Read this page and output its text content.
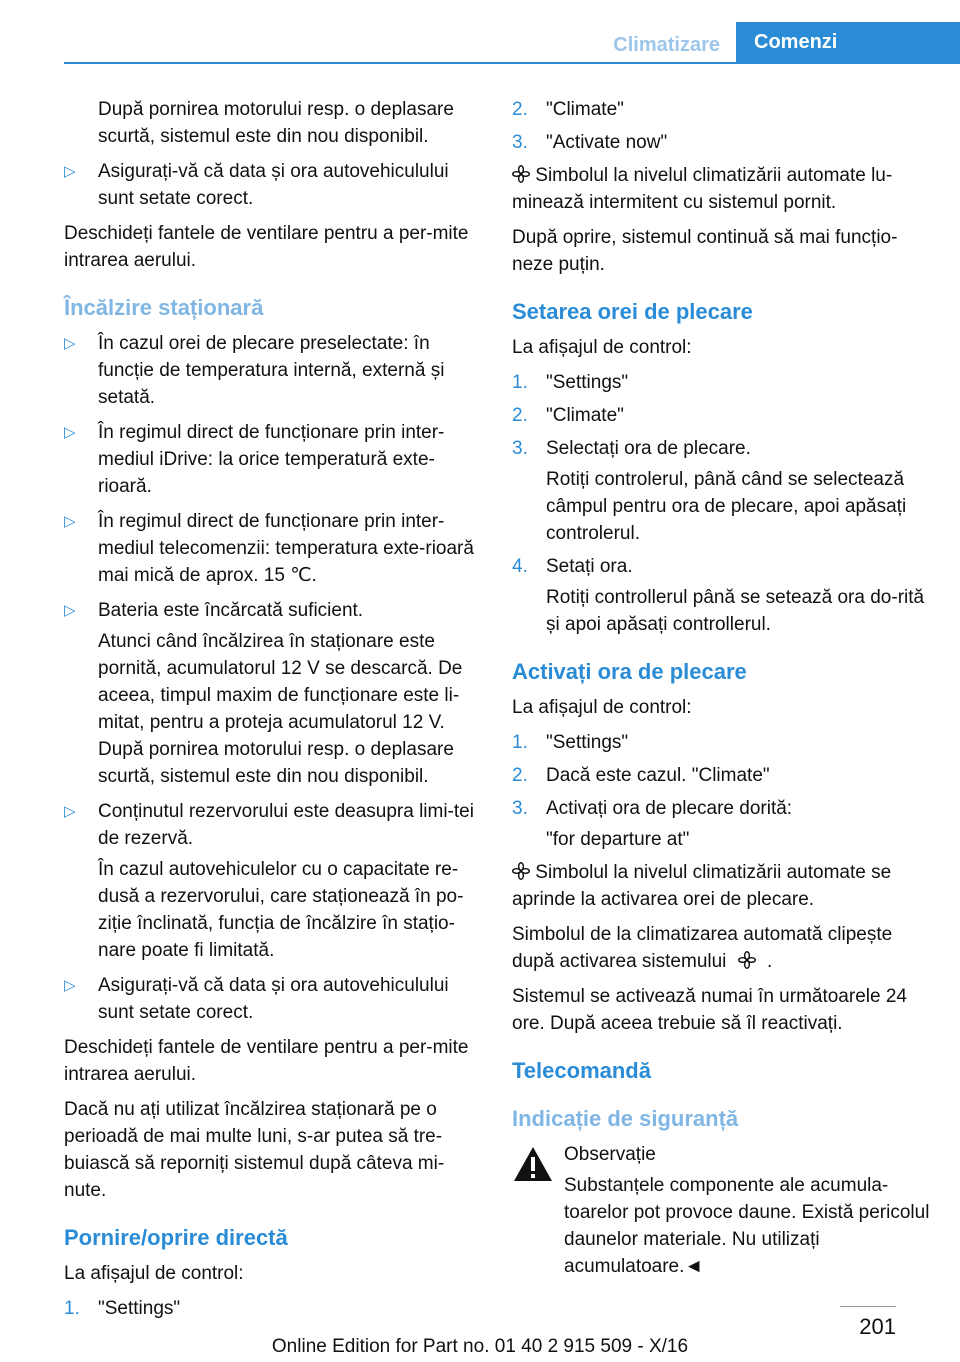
Climatizare	Comenzi

După pornirea motorului resp. o deplasare scurtă, sistemul este din nou disponibil.

▷ Asigurați-vă că data și ora autovehiculului sunt setate corect.

Deschideți fantele de ventilare pentru a per-mite intrarea aerului.

Încălzire staționară
▷ În cazul orei de plecare preselectate: în funcție de temperatura internă, externă și setată.
▷ În regimul direct de funcționare prin inter-mediul iDrive: la orice temperatură exte-rioară.
▷ În regimul direct de funcționare prin inter-mediul telecomenzii: temperatura exte-rioară mai mică de aprox. 15 ℃.
▷ Bateria este încărcată suficient.
Atunci când încălzirea în staționare este pornită, acumulatorul 12 V se descarcă. De aceea, timpul maxim de funcționare este li-mitat, pentru a proteja acumulatorul 12 V. După pornirea motorului resp. o deplasare scurtă, sistemul este din nou disponibil.
▷ Conținutul rezervorului este deasupra limi-tei de rezervă.
În cazul autovehiculelor cu o capacitate re-dusă a rezervorului, care staționează în po-ziție înclinată, funcția de încălzire în stațio-nare poate fi limitată.
▷ Asigurați-vă că data și ora autovehiculului sunt setate corect.

Deschideți fantele de ventilare pentru a per-mite intrarea aerului.

Dacă nu ați utilizat încălzirea staționară pe o perioadă de mai multe luni, s-ar putea să tre-buiască să reporniți sistemul după câteva mi-nute.

Pornire/oprire directă

La afișajul de control:

1. "Settings"
2. "Climate"
3. "Activate now"

Simbolul la nivelul climatizării automate lu-minează intermitent cu sistemul pornit.

După oprire, sistemul continuă să mai funcțio-neze puțin.

Setarea orei de plecare

La afișajul de control:

1. "Settings"
2. "Climate"
3. Selectați ora de plecare.
Rotiți controlerul, până când se selectează câmpul pentru ora de plecare, apoi apăsați controlerul.
4. Setați ora.
Rotiți controllerul până se setează ora do-rită și apoi apăsați controllerul.
Activați ora de plecare

La afișajul de control:

1. "Settings"
2. Dacă este cazul. "Climate"
3. Activați ora de plecare dorită:
"for departure at"

Simbolul la nivelul climatizării automate se aprinde la activarea orei de plecare.

Simbolul de la climatizarea automată clipește după activarea sistemului .

Sistemul se activează numai în următoarele 24 ore. După aceea trebuie să îl reactivați.

Telecomandă
Indicație de siguranță
Observație
Substanțele componente ale acumula-toarelor pot provoce daune. Există pericolul daunelor materiale. Nu utilizați acumulatoare.◄
201
Online Edition for Part no. 01 40 2 915 509 - X/16
